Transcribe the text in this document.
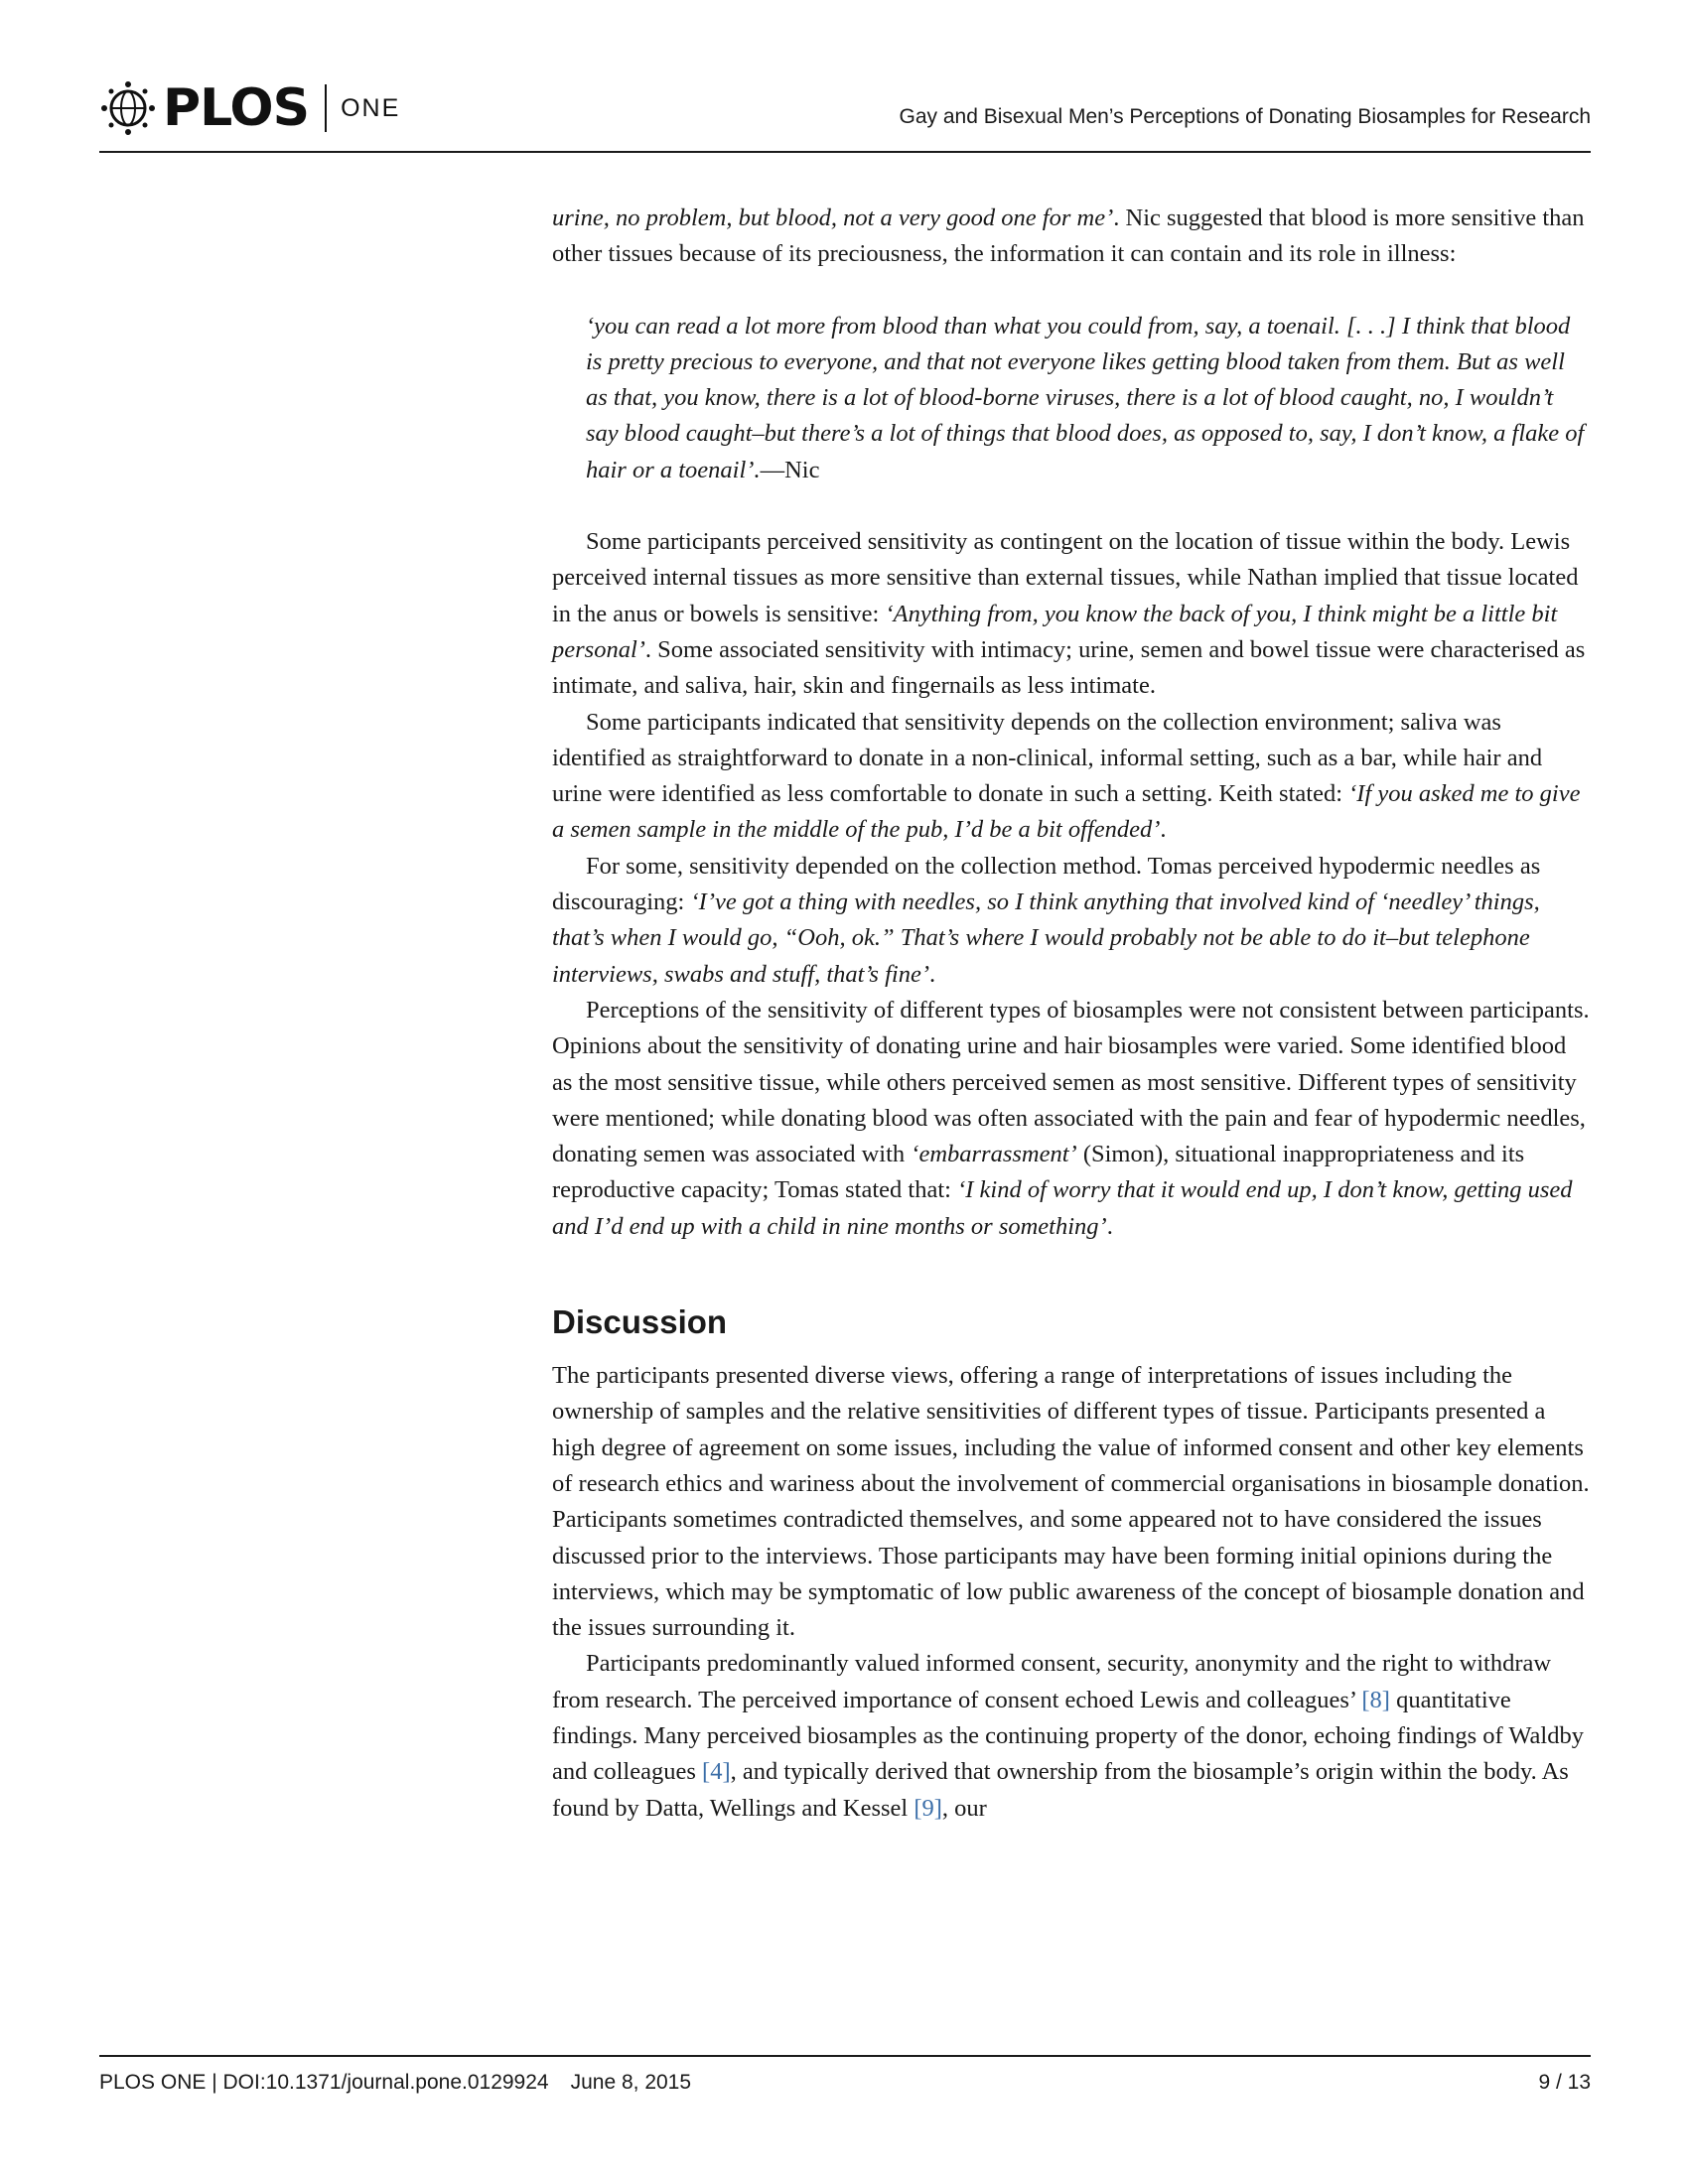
PLOS ONE	Gay and Bisexual Men’s Perceptions of Donating Biosamples for Research

urine, no problem, but blood, not a very good one for me’. Nic suggested that blood is more sensitive than other tissues because of its preciousness, the information it can contain and its role in illness:

‘you can read a lot more from blood than what you could from, say, a toenail. [. . .] I think that blood is pretty precious to everyone, and that not everyone likes getting blood taken from them. But as well as that, you know, there is a lot of blood-borne viruses, there is a lot of blood caught, no, I wouldn’t say blood caught–but there’s a lot of things that blood does, as opposed to, say, I don’t know, a flake of hair or a toenail’.—Nic

Some participants perceived sensitivity as contingent on the location of tissue within the body. Lewis perceived internal tissues as more sensitive than external tissues, while Nathan implied that tissue located in the anus or bowels is sensitive: ‘Anything from, you know the back of you, I think might be a little bit personal’. Some associated sensitivity with intimacy; urine, semen and bowel tissue were characterised as intimate, and saliva, hair, skin and fingernails as less intimate.

Some participants indicated that sensitivity depends on the collection environment; saliva was identified as straightforward to donate in a non-clinical, informal setting, such as a bar, while hair and urine were identified as less comfortable to donate in such a setting. Keith stated: ‘If you asked me to give a semen sample in the middle of the pub, I’d be a bit offended’.

For some, sensitivity depended on the collection method. Tomas perceived hypodermic needles as discouraging: ‘I’ve got a thing with needles, so I think anything that involved kind of ‘needley’ things, that’s when I would go, “Ooh, ok.” That’s where I would probably not be able to do it–but telephone interviews, swabs and stuff, that’s fine’.

Perceptions of the sensitivity of different types of biosamples were not consistent between participants. Opinions about the sensitivity of donating urine and hair biosamples were varied. Some identified blood as the most sensitive tissue, while others perceived semen as most sensitive. Different types of sensitivity were mentioned; while donating blood was often associated with the pain and fear of hypodermic needles, donating semen was associated with ‘embarrassment’ (Simon), situational inappropriateness and its reproductive capacity; Tomas stated that: ‘I kind of worry that it would end up, I don’t know, getting used and I’d end up with a child in nine months or something’.

Discussion

The participants presented diverse views, offering a range of interpretations of issues including the ownership of samples and the relative sensitivities of different types of tissue. Participants presented a high degree of agreement on some issues, including the value of informed consent and other key elements of research ethics and wariness about the involvement of commercial organisations in biosample donation. Participants sometimes contradicted themselves, and some appeared not to have considered the issues discussed prior to the interviews. Those participants may have been forming initial opinions during the interviews, which may be symptomatic of low public awareness of the concept of biosample donation and the issues surrounding it.

Participants predominantly valued informed consent, security, anonymity and the right to withdraw from research. The perceived importance of consent echoed Lewis and colleagues’ [8] quantitative findings. Many perceived biosamples as the continuing property of the donor, echoing findings of Waldby and colleagues [4], and typically derived that ownership from the biosample’s origin within the body. As found by Datta, Wellings and Kessel [9], our

PLOS ONE | DOI:10.1371/journal.pone.0129924 June 8, 2015	9 / 13
